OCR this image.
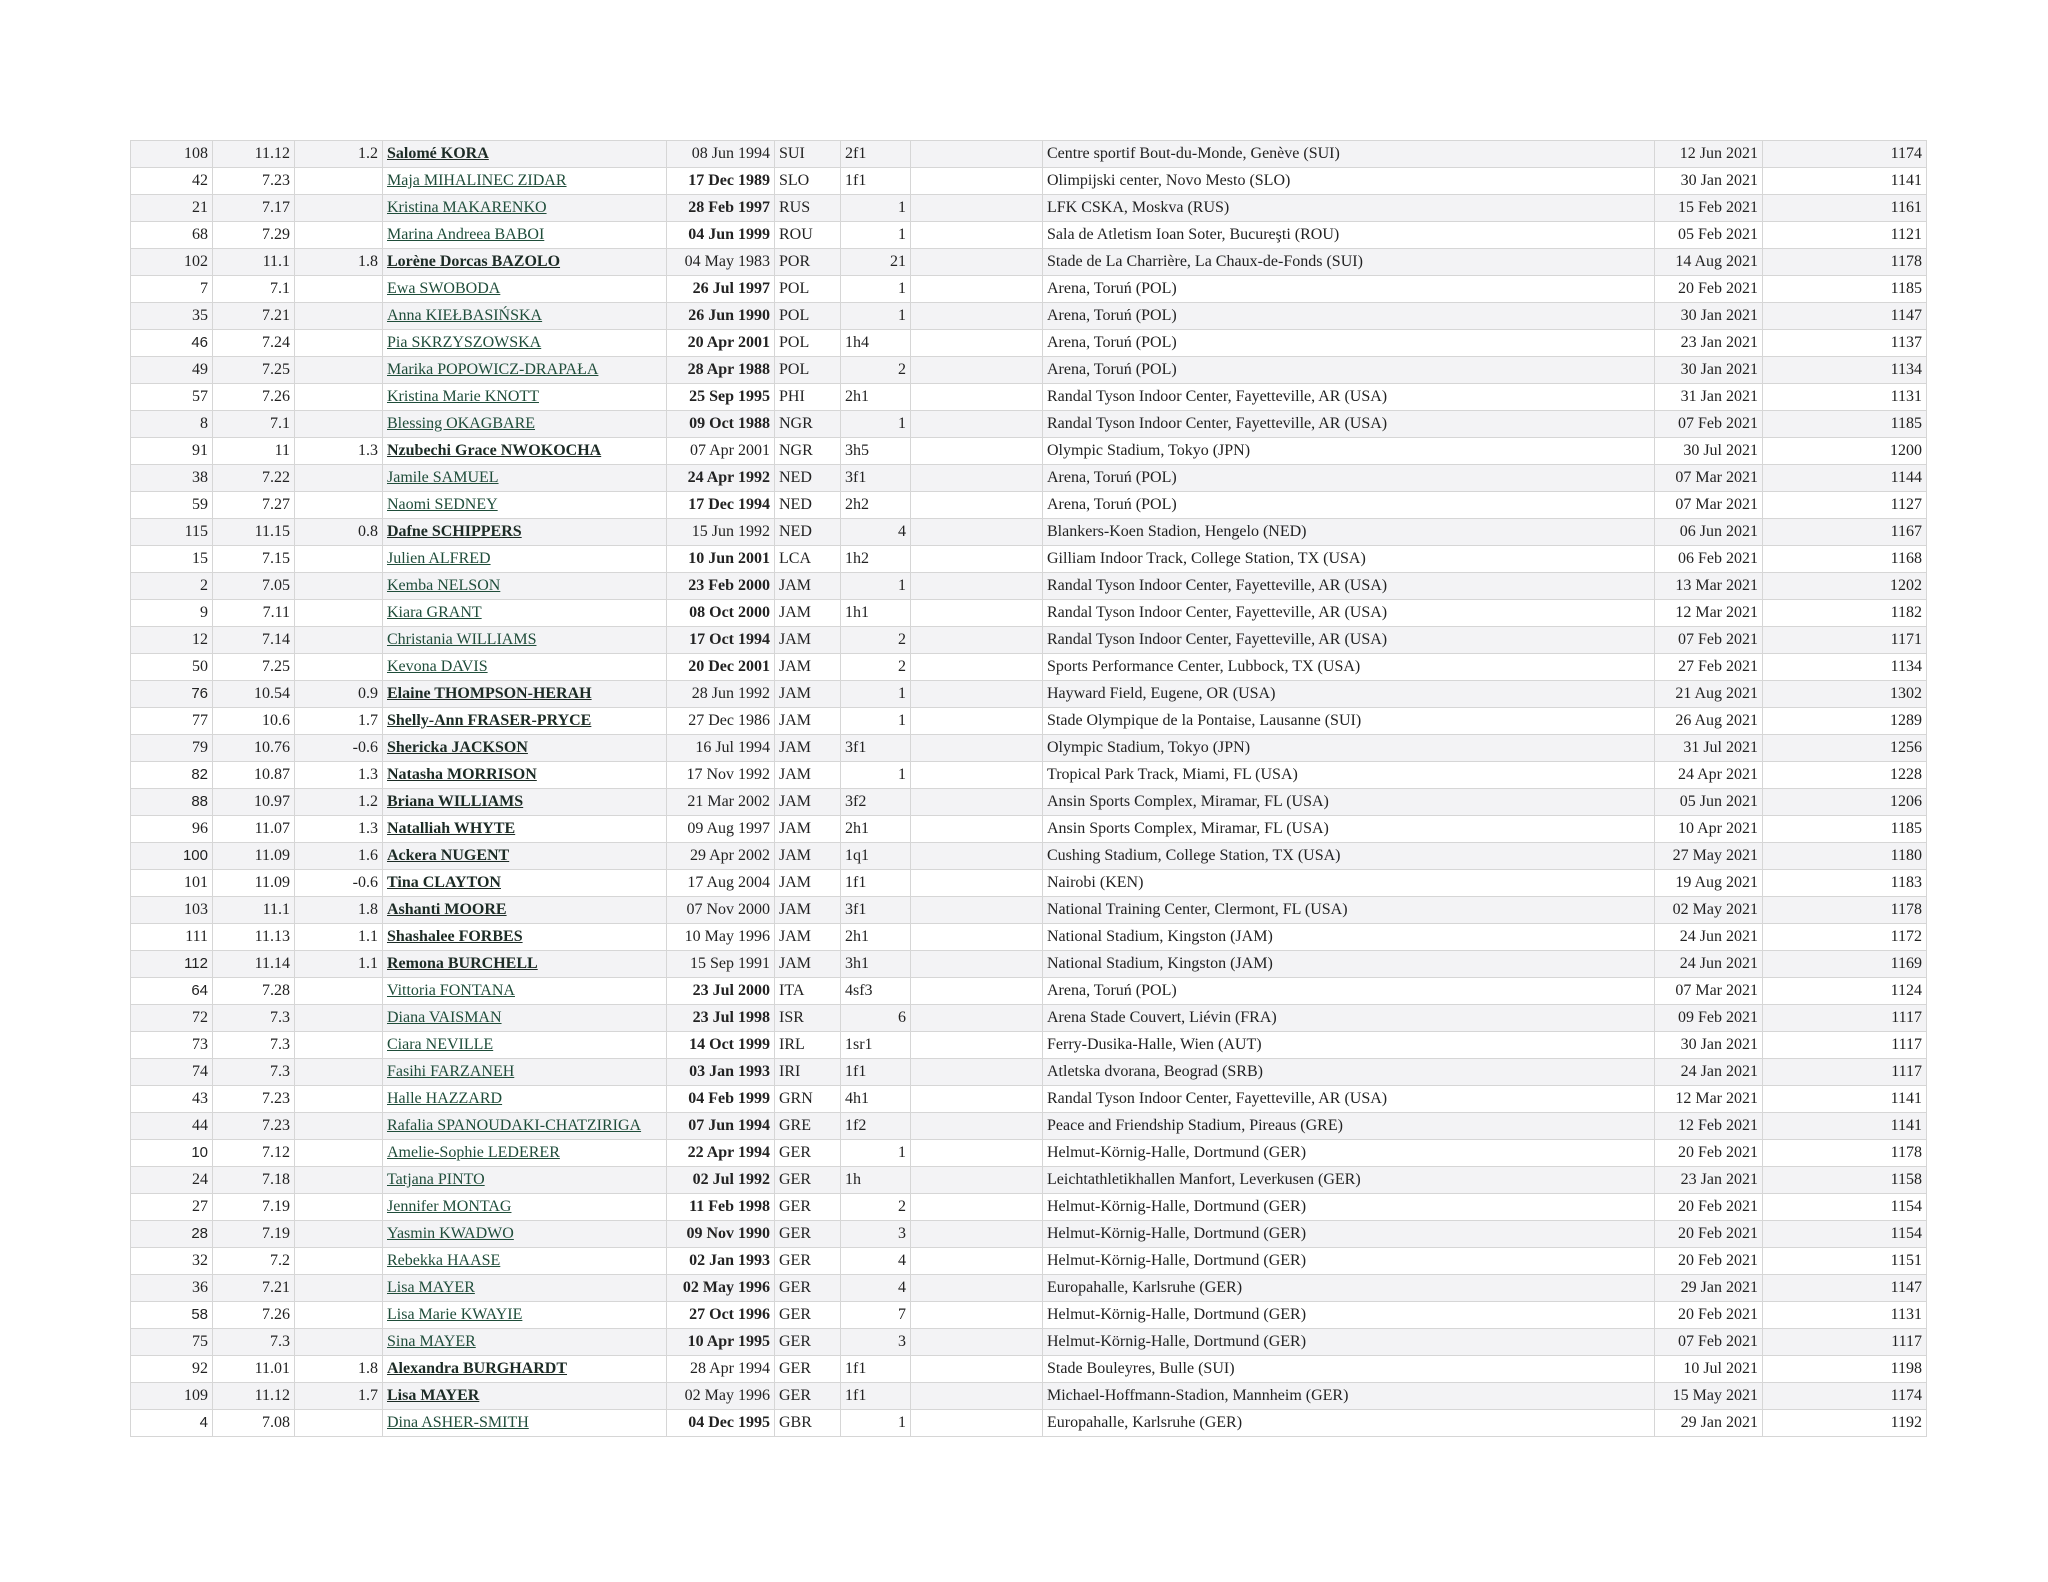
108	11.12	1.2	Salomé KORA	08 Jun 1994	SUI	2f1		Centre sportif Bout-du-Monde, Genève (SUI)	12 Jun 2021	1174
42	7.23		Maja MIHALINEC ZIDAR	17 Dec 1989	SLO	1f1		Olimpijski center, Novo Mesto (SLO)	30 Jan 2021	1141
21	7.17		Kristina MAKARENKO	28 Feb 1997	RUS	1		LFK CSKA, Moskva (RUS)	15 Feb 2021	1161
68	7.29		Marina Andreea BABOI	04 Jun 1999	ROU	1		Sala de Atletism Ioan Soter, Bucureşti (ROU)	05 Feb 2021	1121
102	11.1	1.8	Lorène Dorcas BAZOLO	04 May 1983	POR	21		Stade de La Charrière, La Chaux-de-Fonds (SUI)	14 Aug 2021	1178
7	7.1		Ewa SWOBODA	26 Jul 1997	POL	1		Arena, Toruń (POL)	20 Feb 2021	1185
35	7.21		Anna KIEŁBASIŃSKA	26 Jun 1990	POL	1		Arena, Toruń (POL)	30 Jan 2021	1147
46	7.24		Pia SKRZYSZOWSKA	20 Apr 2001	POL	1h4		Arena, Toruń (POL)	23 Jan 2021	1137
49	7.25		Marika POPOWICZ-DRAPAŁA	28 Apr 1988	POL	2		Arena, Toruń (POL)	30 Jan 2021	1134
57	7.26		Kristina Marie KNOTT	25 Sep 1995	PHI	2h1		Randal Tyson Indoor Center, Fayetteville, AR (USA)	31 Jan 2021	1131
8	7.1		Blessing OKAGBARE	09 Oct 1988	NGR	1		Randal Tyson Indoor Center, Fayetteville, AR (USA)	07 Feb 2021	1185
91	11	1.3	Nzubechi Grace NWOKOCHA	07 Apr 2001	NGR	3h5		Olympic Stadium, Tokyo (JPN)	30 Jul 2021	1200
38	7.22		Jamile SAMUEL	24 Apr 1992	NED	3f1		Arena, Toruń (POL)	07 Mar 2021	1144
59	7.27		Naomi SEDNEY	17 Dec 1994	NED	2h2		Arena, Toruń (POL)	07 Mar 2021	1127
115	11.15	0.8	Dafne SCHIPPERS	15 Jun 1992	NED	4		Blankers-Koen Stadion, Hengelo (NED)	06 Jun 2021	1167
15	7.15		Julien ALFRED	10 Jun 2001	LCA	1h2		Gilliam Indoor Track, College Station, TX (USA)	06 Feb 2021	1168
2	7.05		Kemba NELSON	23 Feb 2000	JAM	1		Randal Tyson Indoor Center, Fayetteville, AR (USA)	13 Mar 2021	1202
9	7.11		Kiara GRANT	08 Oct 2000	JAM	1h1		Randal Tyson Indoor Center, Fayetteville, AR (USA)	12 Mar 2021	1182
12	7.14		Christania WILLIAMS	17 Oct 1994	JAM	2		Randal Tyson Indoor Center, Fayetteville, AR (USA)	07 Feb 2021	1171
50	7.25		Kevona DAVIS	20 Dec 2001	JAM	2		Sports Performance Center, Lubbock, TX (USA)	27 Feb 2021	1134
76	10.54	0.9	Elaine THOMPSON-HERAH	28 Jun 1992	JAM	1		Hayward Field, Eugene, OR (USA)	21 Aug 2021	1302
77	10.6	1.7	Shelly-Ann FRASER-PRYCE	27 Dec 1986	JAM	1		Stade Olympique de la Pontaise, Lausanne (SUI)	26 Aug 2021	1289
79	10.76	-0.6	Shericka JACKSON	16 Jul 1994	JAM	3f1		Olympic Stadium, Tokyo (JPN)	31 Jul 2021	1256
82	10.87	1.3	Natasha MORRISON	17 Nov 1992	JAM	1		Tropical Park Track, Miami, FL (USA)	24 Apr 2021	1228
88	10.97	1.2	Briana WILLIAMS	21 Mar 2002	JAM	3f2		Ansin Sports Complex, Miramar, FL (USA)	05 Jun 2021	1206
96	11.07	1.3	Natalliah WHYTE	09 Aug 1997	JAM	2h1		Ansin Sports Complex, Miramar, FL (USA)	10 Apr 2021	1185
100	11.09	1.6	Ackera NUGENT	29 Apr 2002	JAM	1q1		Cushing Stadium, College Station, TX (USA)	27 May 2021	1180
101	11.09	-0.6	Tina CLAYTON	17 Aug 2004	JAM	1f1		Nairobi (KEN)	19 Aug 2021	1183
103	11.1	1.8	Ashanti MOORE	07 Nov 2000	JAM	3f1		National Training Center, Clermont, FL (USA)	02 May 2021	1178
111	11.13	1.1	Shashalee FORBES	10 May 1996	JAM	2h1		National Stadium, Kingston (JAM)	24 Jun 2021	1172
112	11.14	1.1	Remona BURCHELL	15 Sep 1991	JAM	3h1		National Stadium, Kingston (JAM)	24 Jun 2021	1169
64	7.28		Vittoria FONTANA	23 Jul 2000	ITA	4sf3		Arena, Toruń (POL)	07 Mar 2021	1124
72	7.3		Diana VAISMAN	23 Jul 1998	ISR	6		Arena Stade Couvert, Liévin (FRA)	09 Feb 2021	1117
73	7.3		Ciara NEVILLE	14 Oct 1999	IRL	1sr1		Ferry-Dusika-Halle, Wien (AUT)	30 Jan 2021	1117
74	7.3		Fasihi FARZANEH	03 Jan 1993	IRI	1f1		Atletska dvorana, Beograd (SRB)	24 Jan 2021	1117
43	7.23		Halle HAZZARD	04 Feb 1999	GRN	4h1		Randal Tyson Indoor Center, Fayetteville, AR (USA)	12 Mar 2021	1141
44	7.23		Rafalia SPANOUDAKI-CHATZIRIGA	07 Jun 1994	GRE	1f2		Peace and Friendship Stadium, Pireaus (GRE)	12 Feb 2021	1141
10	7.12		Amelie-Sophie LEDERER	22 Apr 1994	GER	1		Helmut-Körnig-Halle, Dortmund (GER)	20 Feb 2021	1178
24	7.18		Tatjana PINTO	02 Jul 1992	GER	1h		Leichtathletikhallen Manfort, Leverkusen (GER)	23 Jan 2021	1158
27	7.19		Jennifer MONTAG	11 Feb 1998	GER	2		Helmut-Körnig-Halle, Dortmund (GER)	20 Feb 2021	1154
28	7.19		Yasmin KWADWO	09 Nov 1990	GER	3		Helmut-Körnig-Halle, Dortmund (GER)	20 Feb 2021	1154
32	7.2		Rebekka HAASE	02 Jan 1993	GER	4		Helmut-Körnig-Halle, Dortmund (GER)	20 Feb 2021	1151
36	7.21		Lisa MAYER	02 May 1996	GER	4		Europahalle, Karlsruhe (GER)	29 Jan 2021	1147
58	7.26		Lisa Marie KWAYIE	27 Oct 1996	GER	7		Helmut-Körnig-Halle, Dortmund (GER)	20 Feb 2021	1131
75	7.3		Sina MAYER	10 Apr 1995	GER	3		Helmut-Körnig-Halle, Dortmund (GER)	07 Feb 2021	1117
92	11.01	1.8	Alexandra BURGHARDT	28 Apr 1994	GER	1f1		Stade Bouleyres, Bulle (SUI)	10 Jul 2021	1198
109	11.12	1.7	Lisa MAYER	02 May 1996	GER	1f1		Michael-Hoffmann-Stadion, Mannheim (GER)	15 May 2021	1174
4	7.08		Dina ASHER-SMITH	04 Dec 1995	GBR	1		Europahalle, Karlsruhe (GER)	29 Jan 2021	1192
